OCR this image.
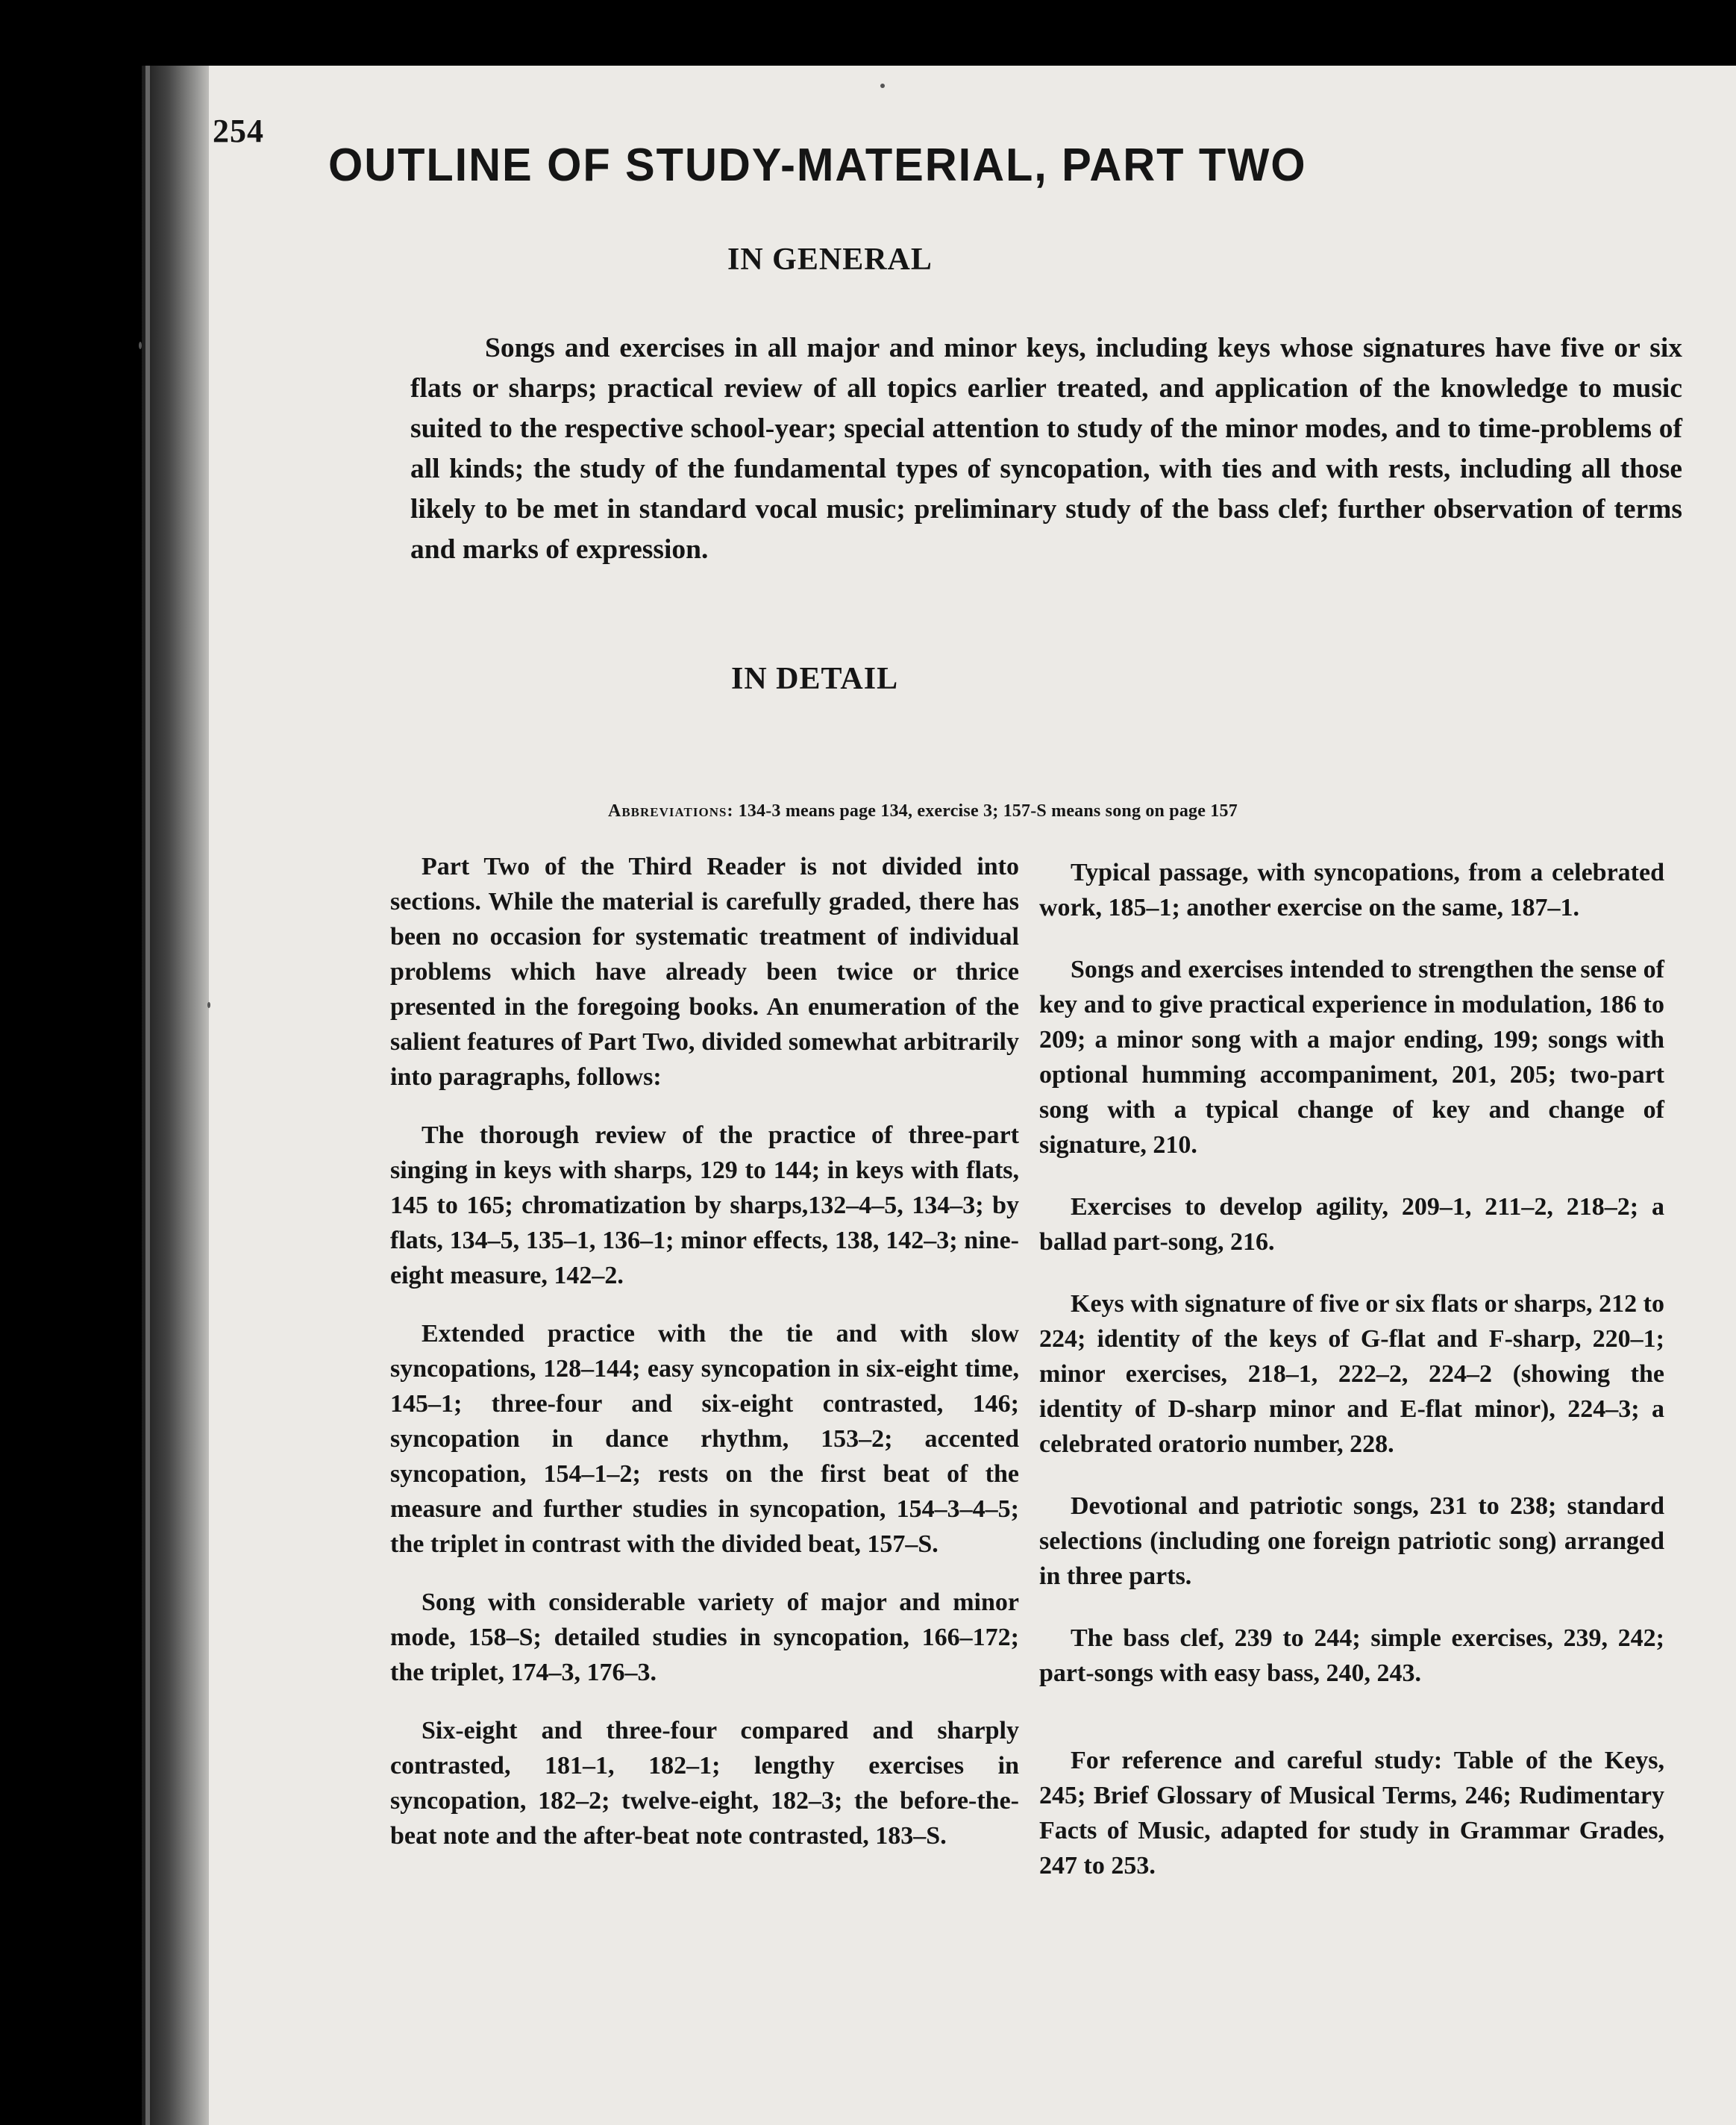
254
OUTLINE OF STUDY-MATERIAL, PART TWO
IN GENERAL
Songs and exercises in all major and minor keys, including keys whose signatures have five or six flats or sharps; practical review of all topics earlier treated, and application of the knowledge to music suited to the respective school-year; special attention to study of the minor modes, and to time-problems of all kinds; the study of the fundamental types of syncopation, with ties and with rests, including all those likely to be met in standard vocal music; preliminary study of the bass clef; further observation of terms and marks of expression.
IN DETAIL
Abbreviations: 134-3 means page 134, exercise 3; 157-S means song on page 157

Part Two of the Third Reader is not divided into sections. While the material is carefully graded, there has been no occasion for systematic treatment of individual problems which have already been twice or thrice presented in the foregoing books. An enumeration of the salient features of Part Two, divided somewhat arbitrarily into paragraphs, follows:

The thorough review of the practice of three-part singing in keys with sharps, 129 to 144; in keys with flats, 145 to 165; chromatization by sharps,132–4–5, 134–3; by flats, 134–5, 135–1, 136–1; minor effects, 138, 142–3; nine-eight measure, 142–2.

Extended practice with the tie and with slow syncopations, 128–144; easy syncopation in six-eight time, 145–1; three-four and six-eight contrasted, 146; syncopation in dance rhythm, 153–2; accented syncopation, 154–1–2; rests on the first beat of the measure and further studies in syncopation, 154–3–4–5; the triplet in contrast with the divided beat, 157–S.

Song with considerable variety of major and minor mode, 158–S; detailed studies in syncopation, 166–172; the triplet, 174–3, 176–3.

Six-eight and three-four compared and sharply contrasted, 181–1, 182–1; lengthy exercises in syncopation, 182–2; twelve-eight, 182–3; the before-the-beat note and the after-beat note contrasted, 183–S.

Typical passage, with syncopations, from a celebrated work, 185–1; another exercise on the same, 187–1.

Songs and exercises intended to strengthen the sense of key and to give practical experience in modulation, 186 to 209; a minor song with a major ending, 199; songs with optional humming accompaniment, 201, 205; two-part song with a typical change of key and change of signature, 210.

Exercises to develop agility, 209–1, 211–2, 218–2; a ballad part-song, 216.

Keys with signature of five or six flats or sharps, 212 to 224; identity of the keys of G-flat and F-sharp, 220–1; minor exercises, 218–1, 222–2, 224–2 (showing the identity of D-sharp minor and E-flat minor), 224–3; a celebrated oratorio number, 228.

Devotional and patriotic songs, 231 to 238; standard selections (including one foreign patriotic song) arranged in three parts.

The bass clef, 239 to 244; simple exercises, 239, 242; part-songs with easy bass, 240, 243.

For reference and careful study: Table of the Keys, 245; Brief Glossary of Musical Terms, 246; Rudimentary Facts of Music, adapted for study in Grammar Grades, 247 to 253.
